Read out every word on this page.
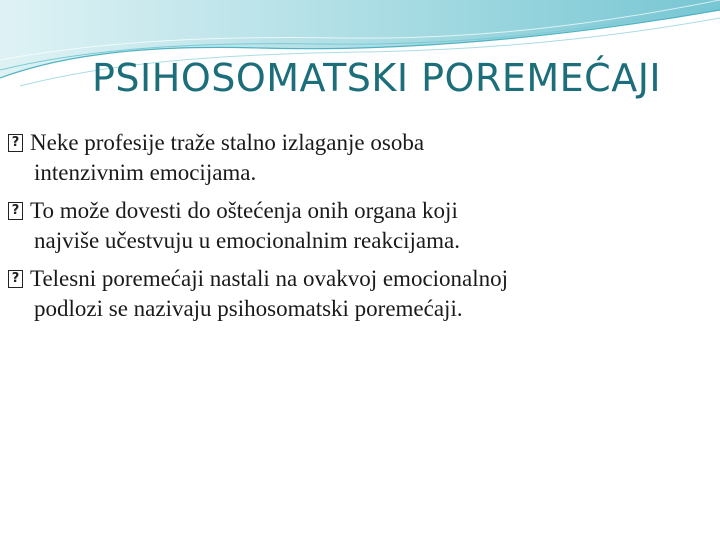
PSIHOSOMATSKI POREMEĆAJI
? Neke profesije traže stalno izlaganje osoba
intenzivnim emocijama.
? To može dovesti do oštećenja onih organa koji
najviše učestvuju u emocionalnim reakcijama.
? Telesni poremećaji nastali na ovakvoj emocionalnoj
podlozi se nazivaju psihosomatski poremećaji.
